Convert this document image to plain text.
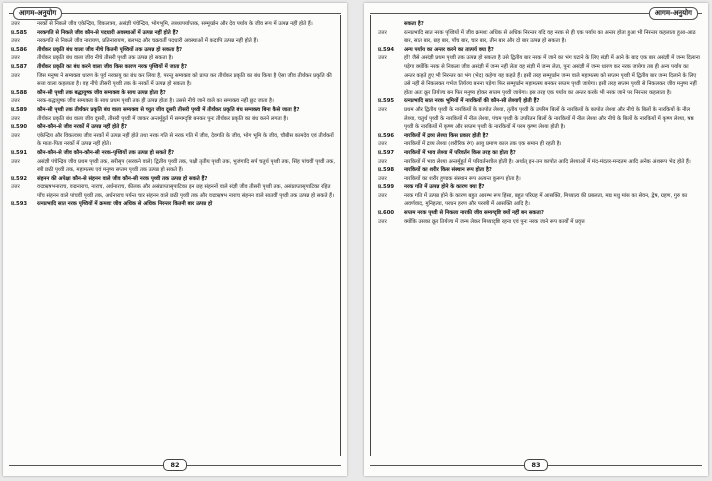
आगम-अनुयोग
उत्तर	नरकों से निकले जीव एकेन्द्रिय, विकलत्रय, असंज्ञी पंचेन्द्रिय, भोगभूमि, लब्ध्यपर्याप्तक, सम्मूर्च्छन और देव पर्याय के जीव रूप में उत्पन्न नहीं होते हैं।
प्र.585	नरकगति से निकले जीव कौन-से पदधारी अवस्थाओं में उत्पन्न नहीं होते हैं?
उत्तर	नरकगति से निकले जीव नारायण, प्रतिनारायण, बलभद्र और चक्रवर्ती पदधारी अवस्थाओं में कदापि उत्पन्न नहीं होते हैं।
प्र.586	तीर्थंकर प्रकृति बंध वाला जीव नीचे कितनी पृथ्वियों तक उत्पन्न हो सकता है?
उत्तर	तीर्थंकर प्रकृति बंध वाला जीव नीचे तीसरी पृथ्वी तक उत्पन्न हो सकता है।
प्र.587	तीर्थंकर प्रकृति का बंध करने वाला जीव किस कारण नरक पृथ्वियों में जाता है?
उत्तर	जिस मनुष्य ने सम्यक्त्व धारण के पूर्व नरकायु का बंध कर लिया है, परन्तु सम्यक्त्व को प्राप्त कर तीर्थंकर प्रकृति का बंध किया है ऐसा जीव तीर्थंकर प्रकृति की सत्ता वाला कहलाता है। वह नीचे तीसरी पृथ्वी तक के नरकों में उत्पन्न हो सकता है।
प्र.588	कौन-सी पृथ्वी तक बद्धायुष्क जीव सम्यक्त्व के साथ उत्पन्न होता है?
उत्तर	नरक-बद्धायुष्क जीव सम्यक्त्व के साथ प्रथम पृथ्वी तक ही उत्पन्न होता है। उससे नीचे जाने वाले का सम्यक्त्व नहीं छूट जाता है।
प्र.589	कौन-सी पृथ्वी तक तीर्थंकर प्रकृति बंध वाला सम्यक्त्व से च्युत जीव दूसरी तीसरी पृथ्वी में तीर्थंकर प्रकृति बंध सम्यक्त्व बिना कैसे जाता है?
उत्तर	तीर्थंकर प्रकृति बंध वाला जीव दूसरी, तीसरी पृथ्वी में जाकर अन्तर्मुहूर्त में सम्यग्दृष्टि बनकर पुनः तीर्थंकर प्रकृति का बंध करने लगता है।
प्र.590	कौन-कौन-से जीव नरकों में उत्पन्न नहीं होते हैं?
उत्तर	एकेन्द्रिय और विकलत्रय जीव नरकों में उत्पन्न नहीं होते तथा नरक गति से नरक गति में जीव, देवगति के जीव, भोग भूमि के जीव, चौबीस कामदेव एवं तीर्थंकरों के माता-पिता नरकों में उत्पन्न नहीं होते।
प्र.591	कौन-कौन-से जीव कौन-कौन-सी नरक-पृथ्वियों तक उत्पन्न हो सकते हैं?
उत्तर	असंज्ञी पंचेन्द्रिय जीव प्रथम पृथ्वी तक, सरीसृप (सरकने वाले) द्वितीय पृथ्वी तक, पक्षी तृतीय पृथ्वी तक, भुजंगादि सर्प चतुर्थ पृथ्वी तक, सिंह पांचवीं पृथ्वी तक, स्त्री छठी पृथ्वी तक, महामत्स्य एवं मनुष्य सप्तम पृथ्वी तक उत्पन्न हो सकते हैं।
प्र.592	संहनन की अपेक्षा कौन-से संहनन वाले जीव कौन-सी नरक पृथ्वी तक उत्पन्न हो सकते हैं?
उत्तर	वज्रऋषभनाराच, वज्रनाराच, नाराच, अर्धनाराच, कीलक और असंप्राप्तासृपाटिका इन छह संहननों वाले संज्ञी जीव तीसरी पृथ्वी तक, असंप्राप्तासृपाटिका रहित पाँच संहनन वाले पांचवीं पृथ्वी तक, अर्धनाराच पर्यन्त चार संहनन वाले छठी पृथ्वी तक और वज्रऋषभ नाराच संहनन वाले सातवीं पृथ्वी तक उत्पन्न हो सकते हैं।
प्र.593	रत्नप्रभादि सात नरक पृथ्वियों में क्रमशः जीव अधिक से अधिक निरन्तर कितनी बार उत्पन्न हो
82
आगम-अनुयोग
सकता है?
उत्तर	रत्नप्रभादि सात नरक पृथ्वियों में जीव क्रमशः अधिक से अधिक निरन्तर यदि वह नरक से ही एक पर्याय का अन्तर होता हुआ भी निरन्तर कहलाता हुआ-आठ बार, सात बार, छह बार, पाँच बार, चार बार, तीन बार और दो बार उत्पन्न हो सकता है।
प्र.594	अन्य पर्याय का अन्तर करने का तात्पर्य क्या है?
उत्तर	हाँ! जैसे असंज्ञी प्रथम पृथ्वी तक उत्पन्न हो सकता है उसे द्वितीय बार नरक में जाने का भंग घटाने के लिए संज्ञी में आने के बाद एक बार असंज्ञी में जन्म दिलाना पड़ेगा क्योंकि नरक से निकला जीव असंज्ञी में जन्म नहीं लेता वह संज्ञी में जन्म लेता, पुनः असंज्ञी में जन्म धारण कर नरक जायेगा तब ही अन्य पर्याय का अन्तर कहते हुए भी निरन्तर का भंग (भेद) कहेगा यह कहते हैं। इसी तरह सम्मूर्च्छन जन्म वाले महामत्स्य को सप्तम पृथ्वी में द्वितीय बार जन्म दिलाने के लिए उसे नहीं से निकलकर गर्भज तिर्यञ्च बनना पड़ेगा फिर सम्मूर्च्छन महामत्स्य बनकर सप्तम पृथ्वी जायेगा। इसी तरह सप्तम पृथ्वी से निकलकर जीव मनुष्य नहीं होता अतः क्रूर तिर्यञ्च बन फिर मनुष्य होकर सप्तम पृथ्वी जायेगा। इस तरह एक पर्याय का अन्तर करके भी नरक जाने पर निरन्तर कहलाता है।
प्र.595	रत्नप्रभादि सात नरक भूमियों में नारकियों की कौन-सी लेश्याएँ होती हैं?
उत्तर	प्रथम और द्वितीय पृथ्वी के नारकियों के कापोत लेश्या, तृतीय पृथ्वी के उपरिम बिलों के नारकियों के कापोत लेश्या और नीचे के बिलों के नारकियों के नील लेश्या, चतुर्थ पृथ्वी के नारकियों में नील लेश्या, पंचम पृथ्वी के उपरितन बिलों के नारकियों में नील लेश्या और नीचे के बिलों के नारकियों में कृष्ण लेश्या, षष्ठ पृथ्वी के नारकियों में कृष्ण और सप्तम पृथ्वी के नारकियों में परम कृष्ण लेश्या होती है।
प्र.596	नारकियों में द्रव्य लेश्या किस प्रकार होती है?
उत्तर	नारकियों में द्रव्य लेश्या (शरीरिक रंग) आयु प्रमाण काल तक एक समान ही रहती है।
प्र.597	नारकियों में भाव लेश्या में परिवर्तन किस तरह का होता है?
उत्तर	नारकियों में भाव लेश्या अन्तर्मुहूर्त में परिवर्तनशील होती है। अर्थात् इन-तन कापोत आदि लेश्याओं में मंद-मंदतर-मन्दतम आदि अनेक अंशरूप भेद होते हैं।
प्र.598	नारकियों का शरीर किस संस्थान रूप होता है?
उत्तर	नारकियों का शरीर हुण्डक संस्थान रूप अत्यन्त कुरूप होता है।
प्र.599	नरक गति में उत्पन्न होने के कारण क्या हैं?
उत्तर	नरक गति में उत्पन्न होने के कारण बहुत आरम्भ रूप हिंसा, बहुत परिग्रह में आसक्ति, मिथ्यात्व की प्रबलता, मद्य मधु मांस का सेवन, द्वेष, ग्रहण, गुरु का अवर्णवाद, मुनिहत्या, परधन हरण और परस्त्री में आसक्ति आदि है।
प्र.600	सप्तम नरक पृथ्वी से निकला नारकी जीव सम्यग्दृष्टि क्यों नहीं बन सकता?
उत्तर	क्योंकि उसका क्रूर तिर्यञ्च में जन्म लेकर मिथ्यादृष्टि रहना एवं पुनः नरक जाने रूप कार्यों में प्रवृत्त
83
